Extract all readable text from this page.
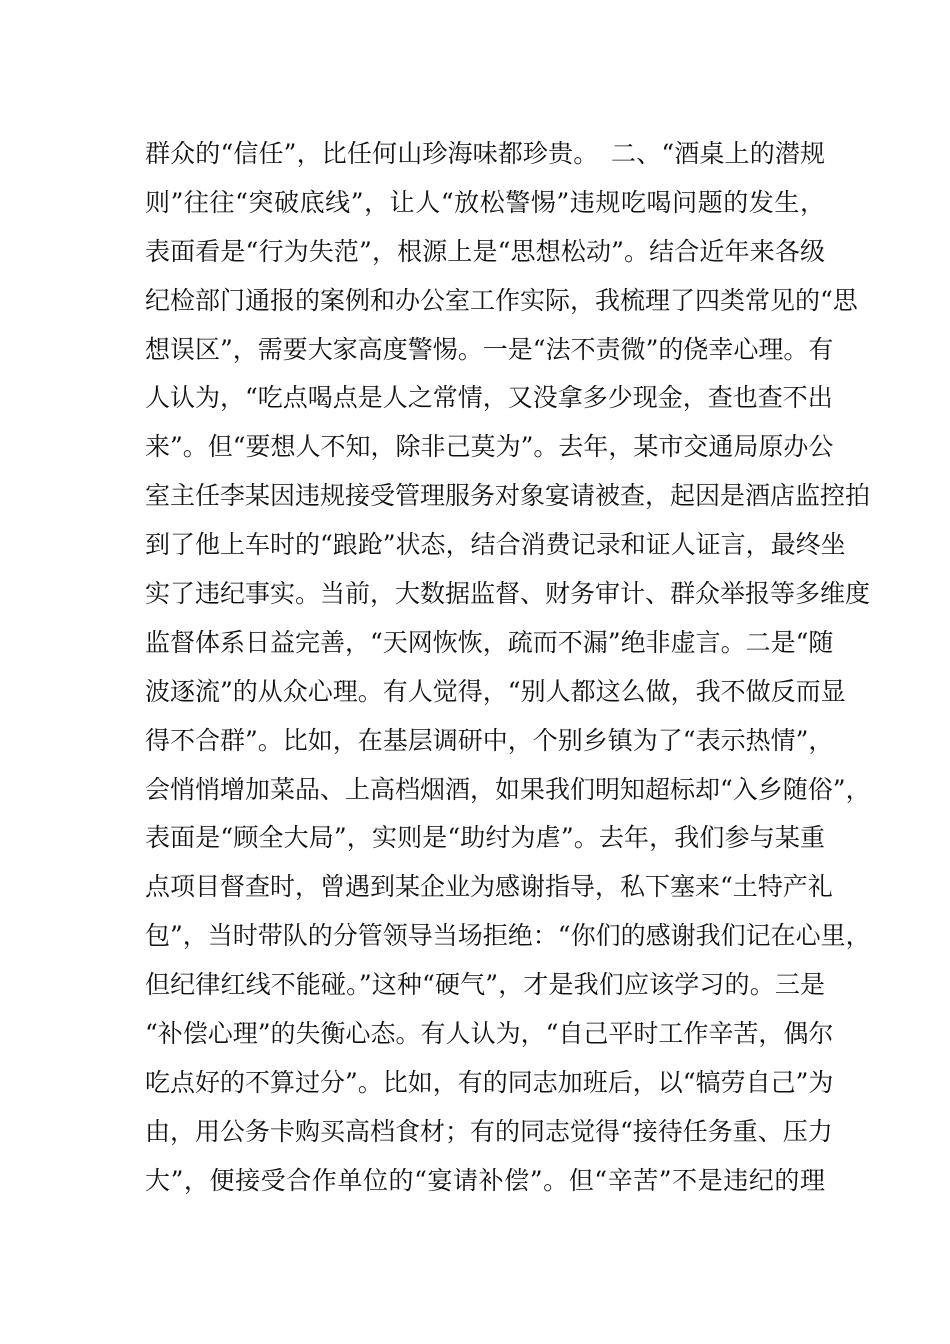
群众的“信任”，比任何山珍海味都珍贵。　二、“酒桌上的潜规
则”往往“突破底线”，让人“放松警惕”违规吃喝问题的发生，
表面看是“行为失范”，根源上是“思想松动”。结合近年来各级
纪检部门通报的案例和办公室工作实际，我梳理了四类常见的“思
想误区”，需要大家高度警惕。一是“法不责微”的侥幸心理。有
人认为，“吃点喝点是人之常情，又没拿多少现金，查也查不出
来”。但“要想人不知，除非己莫为”。去年，某市交通局原办公
室主任李某因违规接受管理服务对象宴请被查，起因是酒店监控拍
到了他上车时的“踉跄”状态，结合消费记录和证人证言，最终坐
实了违纪事实。当前，大数据监督、财务审计、群众举报等多维度
监督体系日益完善，“天网恢恢，疏而不漏”绝非虚言。二是“随
波逐流”的从众心理。有人觉得，“别人都这么做，我不做反而显
得不合群”。比如，在基层调研中，个别乡镇为了“表示热情”，
会悄悄增加菜品、上高档烟酒，如果我们明知超标却“入乡随俗”，
表面是“顾全大局”，实则是“助纣为虐”。去年，我们参与某重
点项目督查时，曾遇到某企业为感谢指导，私下塞来“土特产礼
包”，当时带队的分管领导当场拒绝：“你们的感谢我们记在心里，
但纪律红线不能碰。”这种“硬气”，才是我们应该学习的。三是
“补偿心理”的失衡心态。有人认为，“自己平时工作辛苦，偶尔
吃点好的不算过分”。比如，有的同志加班后，以“犒劳自己”为
由，用公务卡购买高档食材；有的同志觉得“接待任务重、压力
大”，便接受合作单位的“宴请补偿”。但“辛苦”不是违纪的理
